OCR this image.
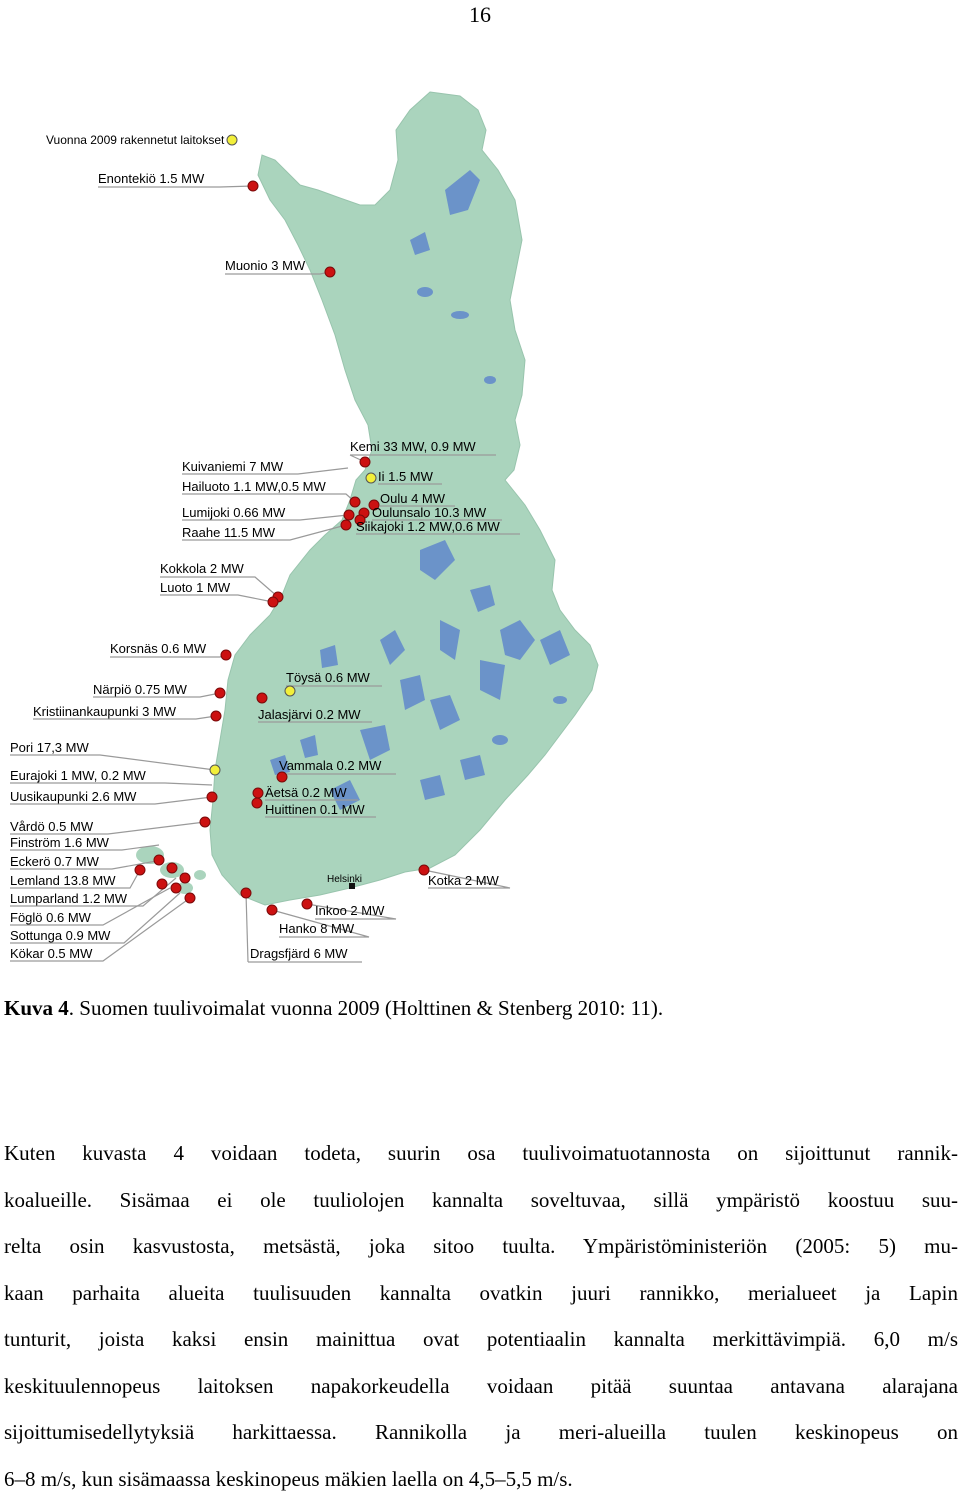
16
Helsinki
Vuonna 2009 rakennetut laitokset
Enontekiö 1.5 MW
Muonio 3 MW
Kemi 33 MW, 0.9 MW
Ii 1.5 MW
Oulu 4 MW
Oulunsalo 10.3 MW
Siikajoki 1.2 MW,0.6 MW
Kuivaniemi 7 MW
Hailuoto 1.1 MW,0.5 MW
Lumijoki 0.66 MW
Raahe 11.5 MW
Kokkola 2 MW
Luoto 1 MW
Korsnäs 0.6 MW
Närpiö 0.75 MW
Kristiinankaupunki 3 MW
Töysä 0.6 MW
Jalasjärvi 0.2 MW
Pori 17,3 MW
Eurajoki 1 MW, 0.2 MW
Uusikaupunki 2.6 MW
Vammala 0.2 MW
Äetsä 0.2 MW
Huittinen 0.1 MW
Vårdö 0.5 MW
Finström 1.6 MW
Eckerö 0.7 MW
Lemland 13.8 MW
Lumparland 1.2 MW
Föglö 0.6 MW
Sottunga 0.9 MW
Kökar 0.5 MW	Dragsfjärd 6 MW
Hanko 8 MW
Inkoo 2 MW
Kotka 2 MW
Kuva 4. Suomen tuulivoimalat vuonna 2009 (Holttinen & Stenberg 2010: 11).
Kuten kuvasta 4 voidaan todeta, suurin osa tuulivoimatuotannosta on sijoittunut rannik-
koalueille. Sisämaa ei ole tuuliolojen kannalta soveltuvaa, sillä ympäristö koostuu suu-
relta osin kasvustosta, metsästä, joka sitoo tuulta. Ympäristöministeriön (2005: 5) mu-
kaan parhaita alueita tuulisuuden kannalta ovatkin juuri rannikko, merialueet ja Lapin
tunturit, joista kaksi ensin mainittua ovat potentiaalin kannalta merkittävimpiä. 6,0 m/s
keskituulennopeus laitoksen napakorkeudella voidaan pitää suuntaa antavana alarajana
sijoittumisedellytyksiä harkittaessa. Rannikolla ja meri-alueilla tuulen keskinopeus on
6–8 m/s, kun sisämaassa keskinopeus mäkien laella on 4,5–5,5 m/s.
